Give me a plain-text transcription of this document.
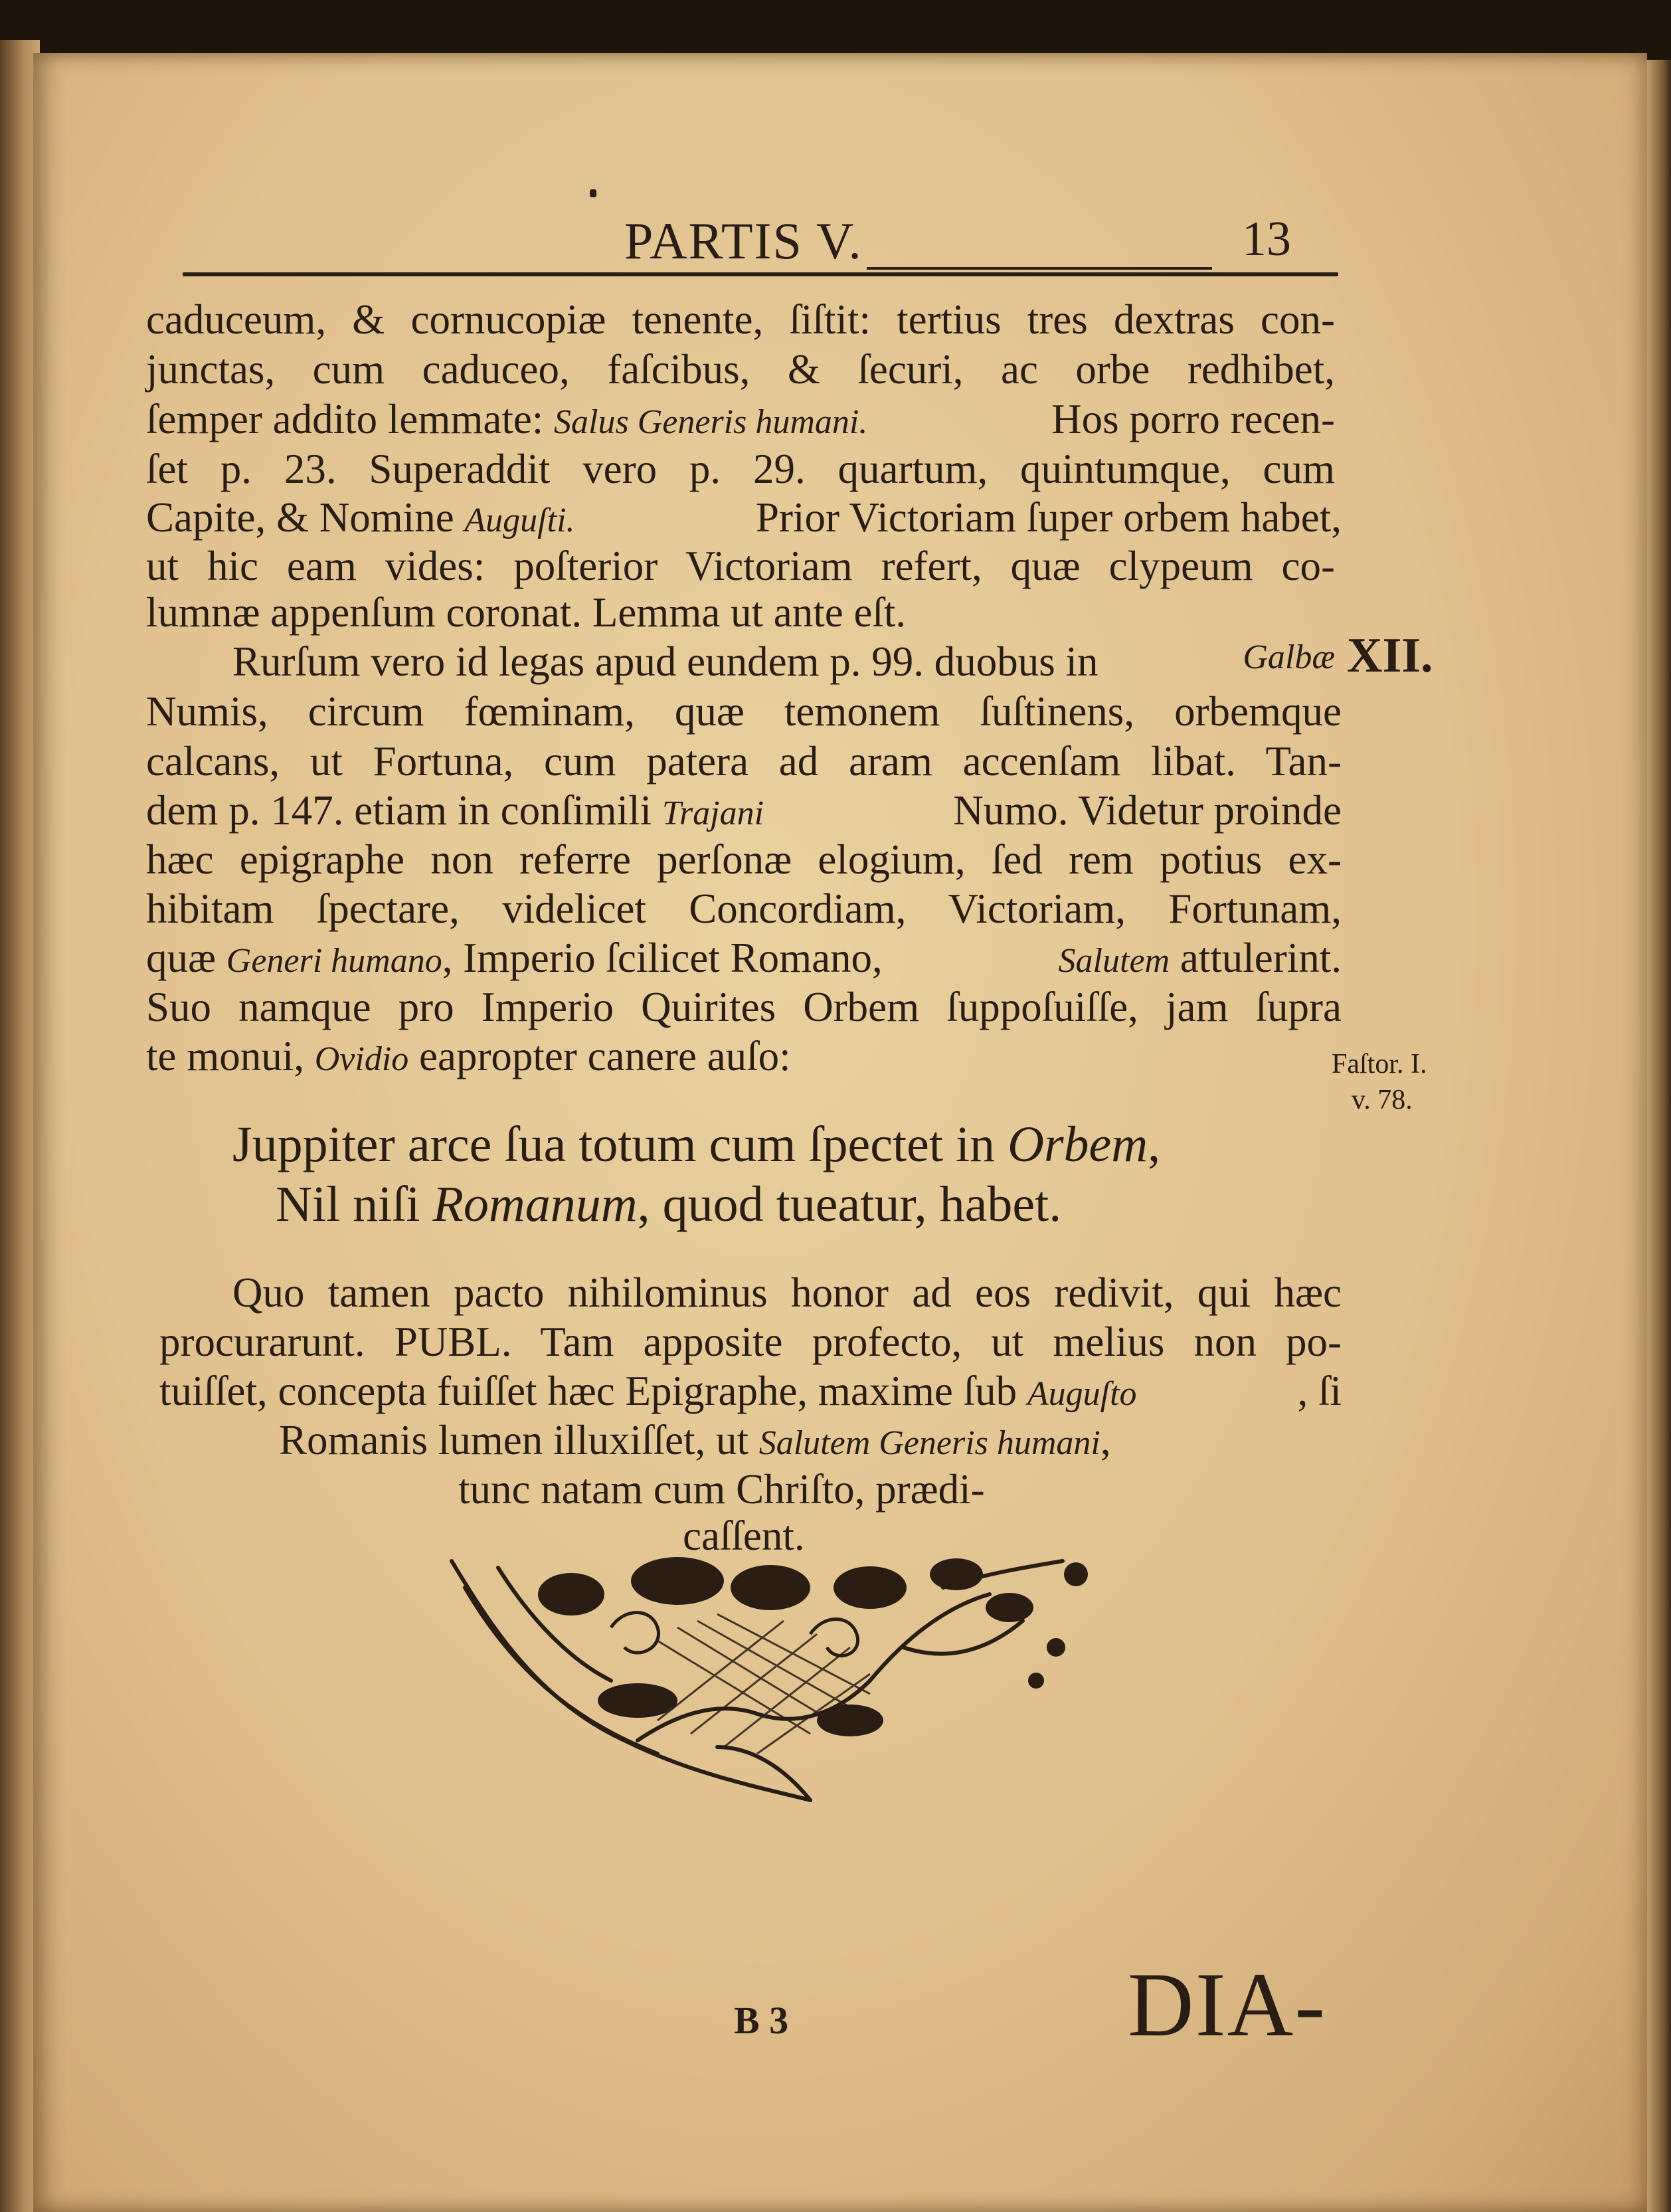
PARTIS V.	13
caduceum, & cornucopiæ tenente, ſiſtit: tertius tres dextras con-
junctas, cum caduceo, faſcibus, & ſecuri, ac orbe redhibet,
ſemper addito lemmate: Salus Generis humani.	Hos porro recen-
ſet p. 23. Superaddit vero p. 29. quartum, quintumque, cum
Capite, & Nomine Auguſti.	Prior Victoriam ſuper orbem habet,
ut hic eam vides: poſterior Victoriam refert, quæ clypeum co-
lumnæ appenſum coronat. Lemma ut ante eſt.
Rurſum vero id legas apud eundem p. 99. duobus in	Galbæ
Numis, circum fœminam, quæ temonem ſuſtinens, orbemque
calcans, ut Fortuna, cum patera ad aram accenſam libat. Tan-
dem p. 147. etiam in conſimili Trajani	Numo. Videtur proinde
hæc epigraphe non referre perſonæ elogium, ſed rem potius ex-
hibitam ſpectare, videlicet Concordiam, Victoriam, Fortunam,
quæ Generi humano, Imperio ſcilicet Romano,	Salutem attulerint.
Suo namque pro Imperio Quirites Orbem ſuppoſuiſſe, jam ſupra
te monui, Ovidio eapropter canere auſo:
Juppiter arce ſua totum cum ſpectet in Orbem,
Nil niſi Romanum, quod tueatur, habet.
Quo tamen pacto nihilominus honor ad eos redivit, qui hæc
procurarunt. PUBL. Tam apposite profecto, ut melius non po-
tuiſſet, concepta fuiſſet hæc Epigraphe, maxime ſub Auguſto	, ſi
Romanis lumen illuxiſſet, ut Salutem Generis humani,
tunc natam cum Chriſto, prædi-
caſſent.
XII.
Faſtor. I.
v. 78.
B 3	DIA-
